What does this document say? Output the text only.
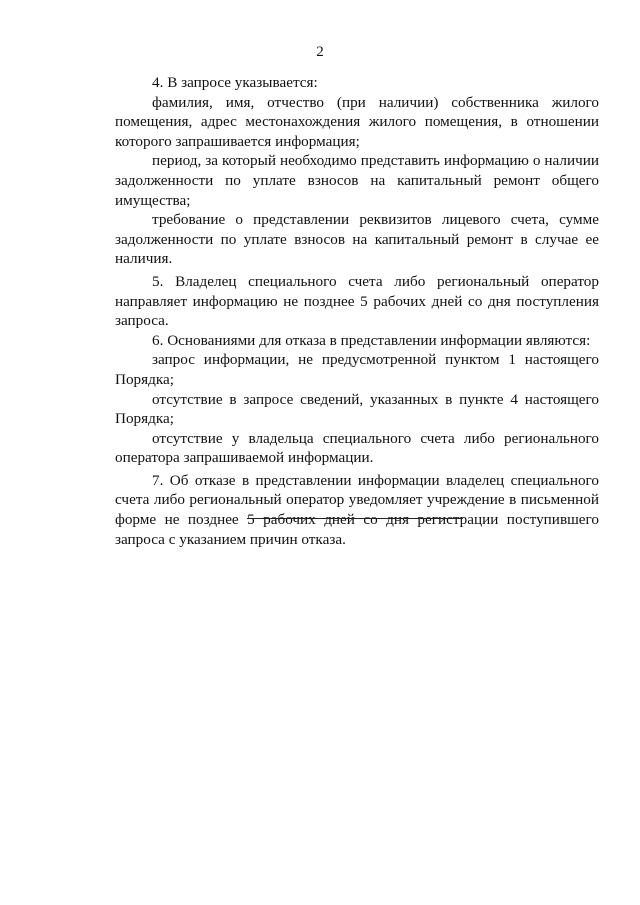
2

4. В запросе указывается:

фамилия, имя, отчество (при наличии) собственника жилого помещения, адрес местонахождения жилого помещения, в отношении которого запрашивается информация;

период, за который необходимо представить информацию о наличии задолженности по уплате взносов на капитальный ремонт общего имущества;

требование о представлении реквизитов лицевого счета, сумме задолженности по уплате взносов на капитальный ремонт в случае ее наличия.

5. Владелец специального счета либо региональный оператор направляет информацию не позднее 5 рабочих дней со дня поступления запроса.

6. Основаниями для отказа в представлении информации являются:

запрос информации, не предусмотренной пунктом 1 настоящего Порядка;

отсутствие в запросе сведений, указанных в пункте 4 настоящего Порядка;

отсутствие у владельца специального счета либо регионального оператора запрашиваемой информации.

7. Об отказе в представлении информации владелец специального счета либо региональный оператор уведомляет учреждение в письменной форме не позднее 5 рабочих дней со дня регистрации поступившего запроса с указанием причин отказа.
